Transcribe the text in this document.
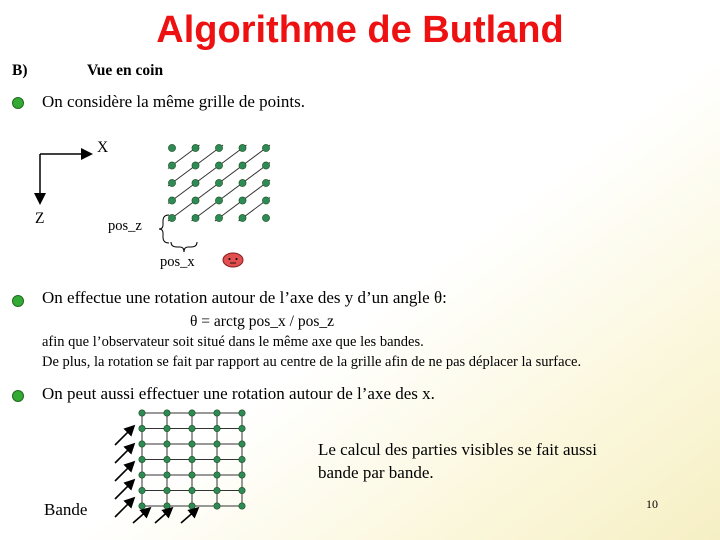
Algorithme de Butland
B)	Vue en coin
On considère la même grille de points.
X
Z	pos_z
pos_x
On effectue une rotation autour de l’axe des y d’un angle θ:
θ = arctg pos_x / pos_z
afin que l’observateur soit situé dans le même axe que les bandes.
De plus, la rotation se fait par rapport au centre de la grille afin de ne pas déplacer la surface.
On peut aussi effectuer une rotation autour de l’axe des x.
Le calcul des parties visibles se fait aussi
bande par bande.
Bande	10
